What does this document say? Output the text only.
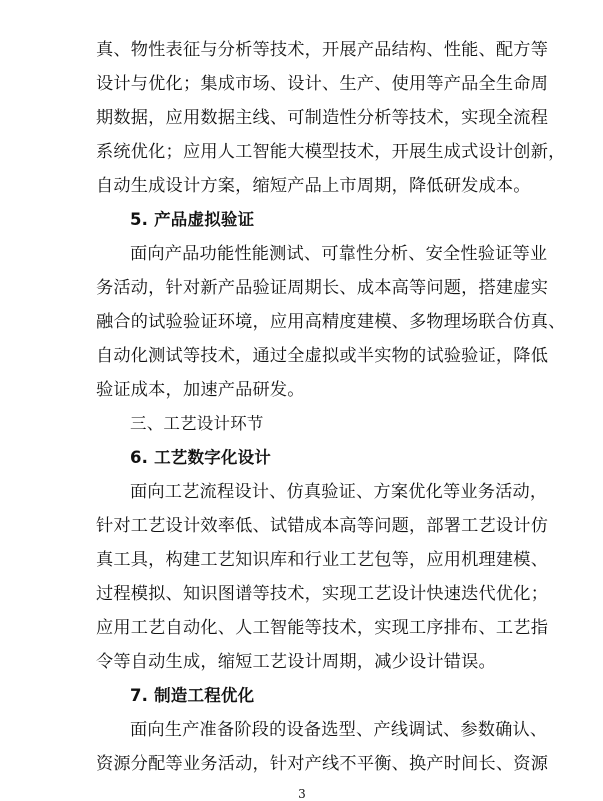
真、物性表征与分析等技术，开展产品结构、性能、配方等
设计与优化；集成市场、设计、生产、使用等产品全生命周
期数据，应用数据主线、可制造性分析等技术，实现全流程
系统优化；应用人工智能大模型技术，开展生成式设计创新，
自动生成设计方案，缩短产品上市周期，降低研发成本。
5. 产品虚拟验证
面向产品功能性能测试、可靠性分析、安全性验证等业
务活动，针对新产品验证周期长、成本高等问题，搭建虚实
融合的试验验证环境，应用高精度建模、多物理场联合仿真、
自动化测试等技术，通过全虚拟或半实物的试验验证，降低
验证成本，加速产品研发。
三、工艺设计环节
6. 工艺数字化设计
面向工艺流程设计、仿真验证、方案优化等业务活动，
针对工艺设计效率低、试错成本高等问题，部署工艺设计仿
真工具，构建工艺知识库和行业工艺包等，应用机理建模、
过程模拟、知识图谱等技术，实现工艺设计快速迭代优化；
应用工艺自动化、人工智能等技术，实现工序排布、工艺指
令等自动生成，缩短工艺设计周期，减少设计错误。
7. 制造工程优化
面向生产准备阶段的设备选型、产线调试、参数确认、
资源分配等业务活动，针对产线不平衡、换产时间长、资源
3
